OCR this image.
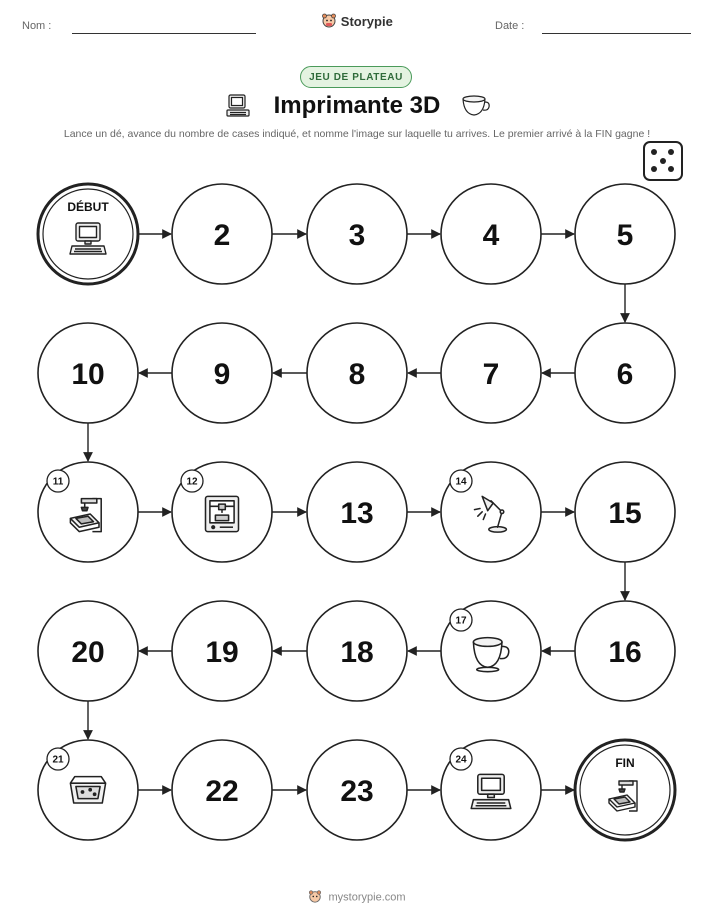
Nom :	Storypie	Date :
JEU DE PLATEAU
Imprimante 3D
Lance un dé, avance du nombre de cases indiqué, et nomme l'image sur laquelle tu arrives. Le premier arrivé à la FIN gagne !
DÉBUT
2	3	4	5
6
7
8
9
10
11	12
13
14
15
16
17
18
19
20
21
22	23
24	FIN
mystorypie.com
